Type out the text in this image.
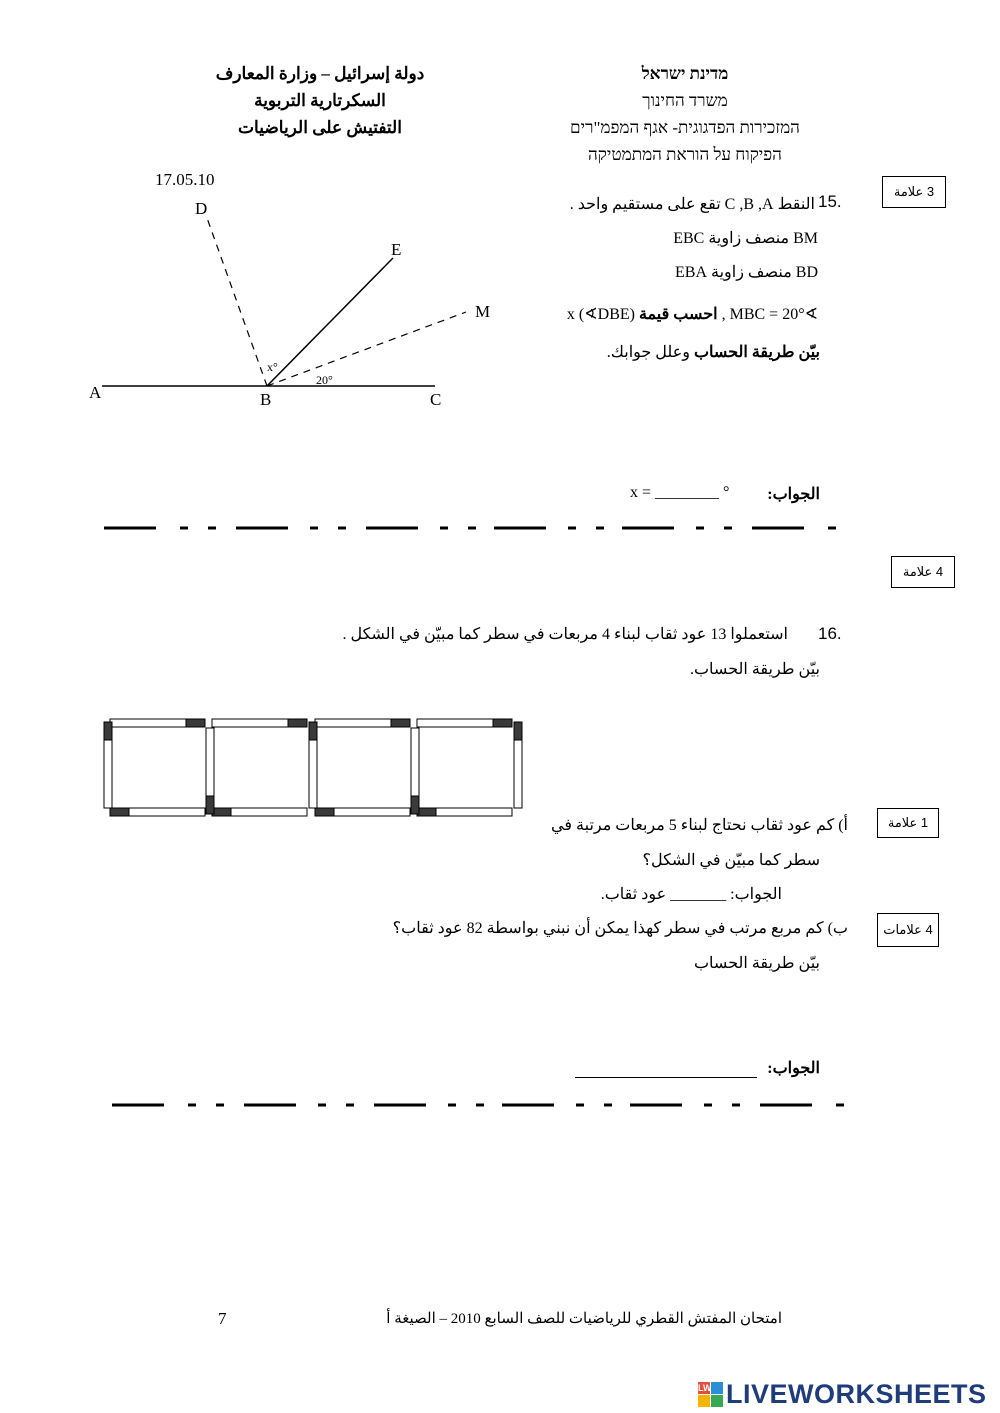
מדינת ישראל
משרד החינוך
המזכירות הפדגוגית- אגף המפמ"רים
הפיקוח על הוראת המתמטיקה
دولة إسرائيل – وزارة المعارف
السكرتارية التربوية
التفتيش على الرياضيات
17.05.10
3 علامة
15.
النقط C ,B ,A تقع على مستقيم واحد .
BM منصف زاوية EBC
BD منصف زاوية EBA
∢MBC = 20° , احسب قيمة x (∢DBE)
بيّن طريقة الحساب وعلل جوابك.
A	B	C
D
E
M
x°
20°
x = ________ ° الجواب:
4 علامة
16.
استعملوا 13 عود ثقاب لبناء 4 مربعات في سطر كما مبيّن في الشكل .
بيّن طريقة الحساب.
1 علامة
أ) كم عود ثقاب نحتاج لبناء 5 مربعات مرتبة في
سطر كما مبيّن في الشكل؟
الجواب: _______ عود ثقاب.
4 علامات
ب) كم مربع مرتب في سطر كهذا يمكن أن نبني بواسطة 82 عود ثقاب؟
بيّن طريقة الحساب
الجواب:
امتحان المفتش القطري للرياضيات للصف السابع 2010 – الصيغة أ
7
LW LIVEWORKSHEETS
